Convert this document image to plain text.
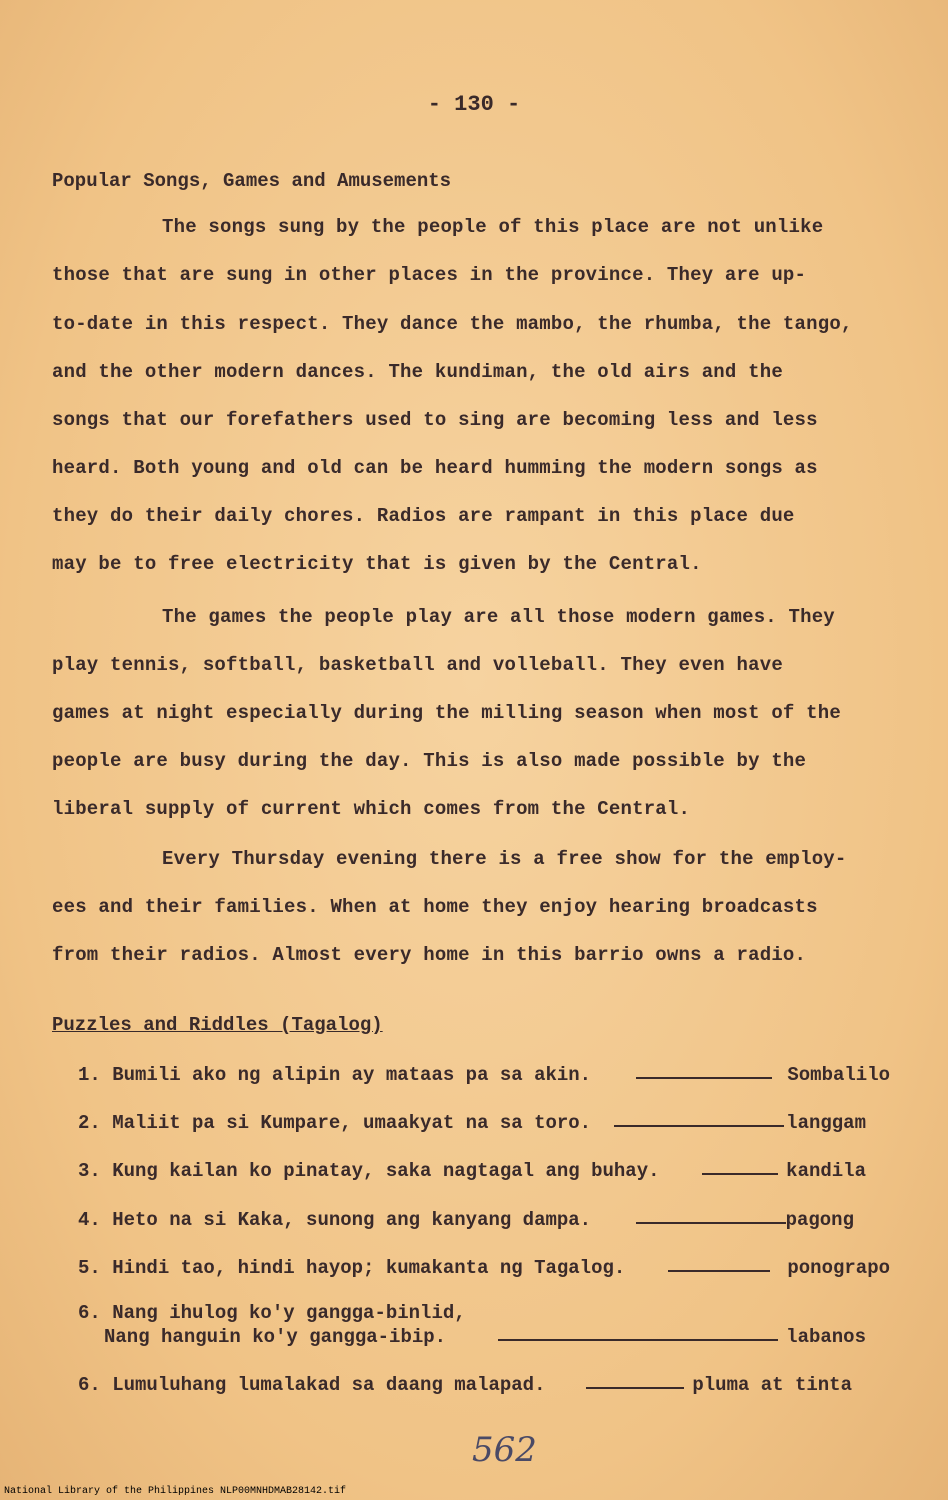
- 130 -
Popular Songs, Games and Amusements
The songs sung by the people of this place are not unlike
those that are sung in other places in the province. They are up-
to-date in this respect. They dance the mambo, the rhumba, the tango,
and the other modern dances. The kundiman, the old airs and the
songs that our forefathers used to sing are becoming less and less
heard. Both young and old can be heard humming the modern songs as
they do their daily chores. Radios are rampant in this place due
may be to free electricity that is given by the Central.
The games the people play are all those modern games. They
play tennis, softball, basketball and volleball. They even have
games at night especially during the milling season when most of the
people are busy during the day. This is also made possible by the
liberal supply of current which comes from the Central.
Every Thursday evening there is a free show for the employ-
ees and their families. When at home they enjoy hearing broadcasts
from their radios. Almost every home in this barrio owns a radio.
Puzzles and Riddles (Tagalog)
1. Bumili ako ng alipin ay mataas pa sa akin.	Sombalilo
2. Maliit pa si Kumpare, umaakyat na sa toro.	langgam
3. Kung kailan ko pinatay, saka nagtagal ang buhay.	kandila
4. Heto na si Kaka, sunong ang kanyang dampa.	pagong
5. Hindi tao, hindi hayop; kumakanta ng Tagalog.	ponograpo
6. Nang ihulog ko'y gangga-binlid,
Nang hanguin ko'y gangga-ibip.	labanos
6. Lumuluhang lumalakad sa daang malapad.	pluma at tinta
562
National Library of the Philippines NLP00MNHDMAB28142.tif
